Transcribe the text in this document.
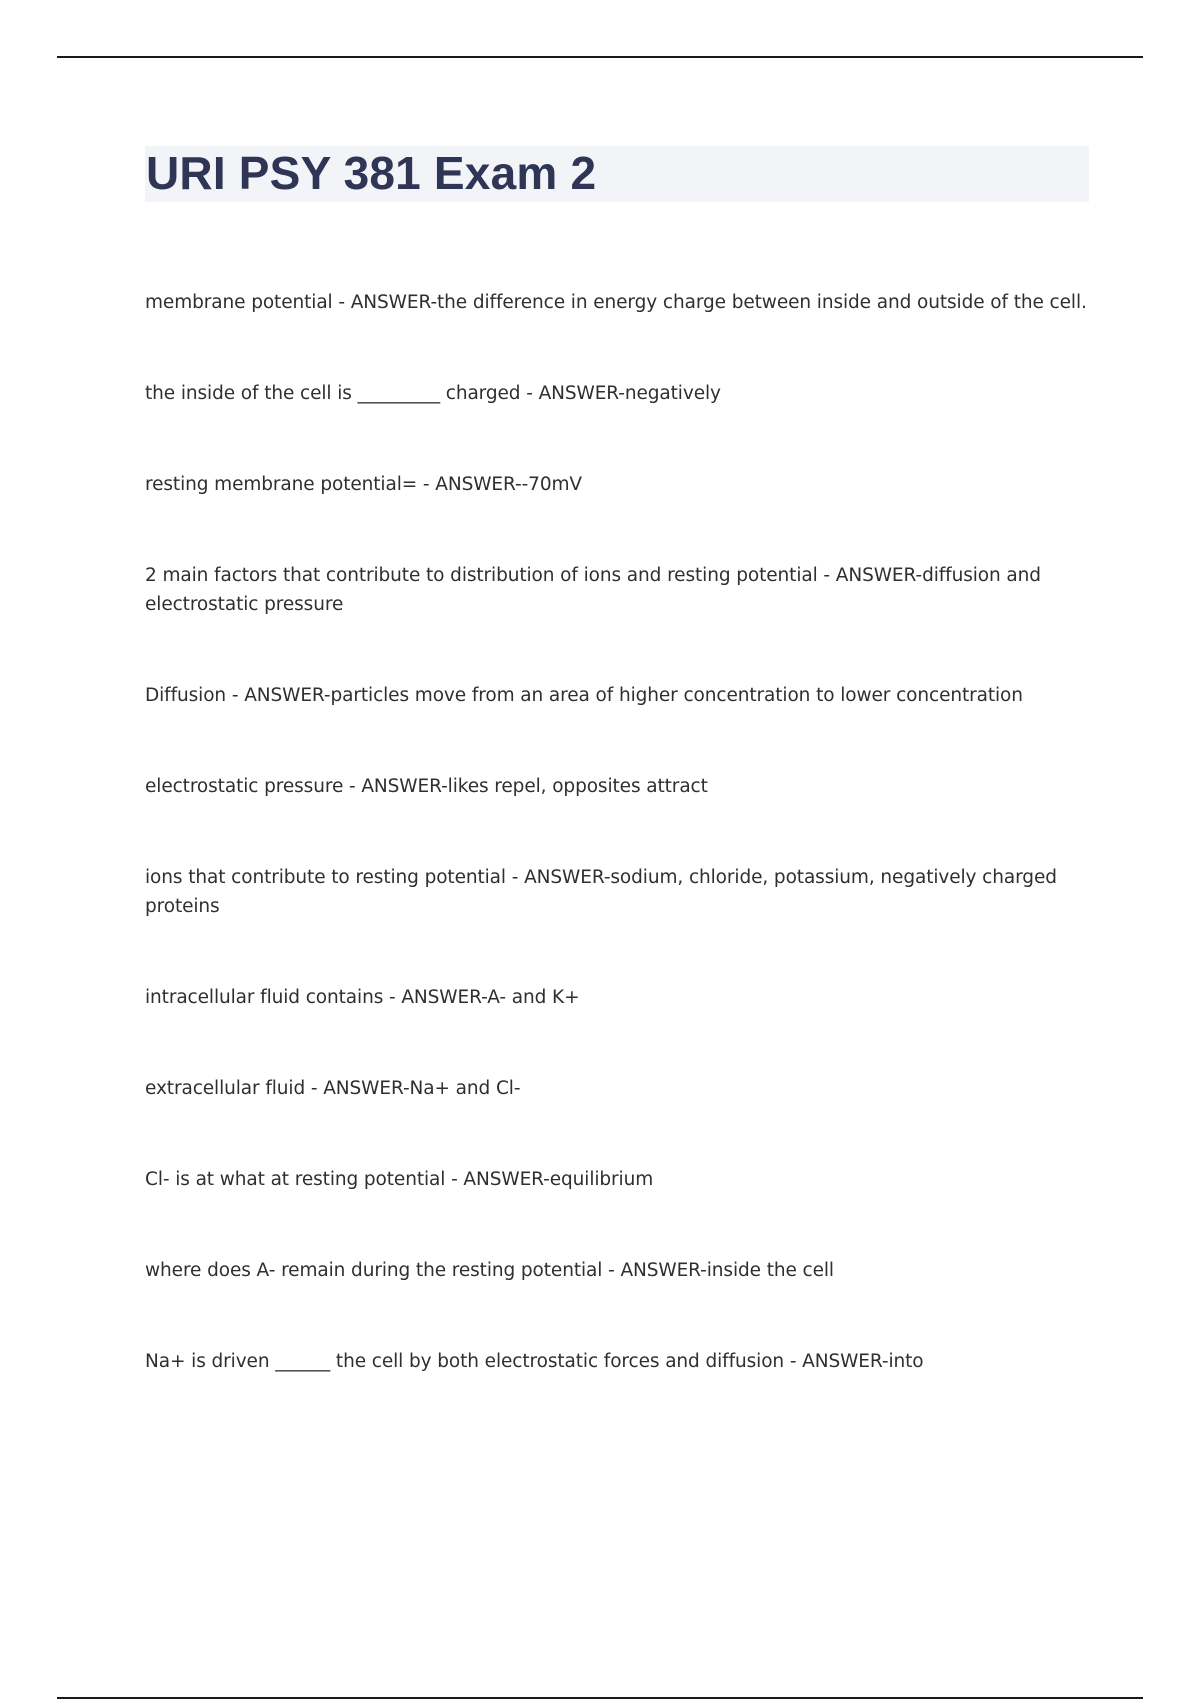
URI PSY 381 Exam 2
membrane potential - ANSWER-the difference in energy charge between inside and outside of the cell.
the inside of the cell is _________ charged - ANSWER-negatively
resting membrane potential= - ANSWER--70mV
2 main factors that contribute to distribution of ions and resting potential - ANSWER-diffusion and electrostatic pressure
Diffusion - ANSWER-particles move from an area of higher concentration to lower concentration
electrostatic pressure - ANSWER-likes repel, opposites attract
ions that contribute to resting potential - ANSWER-sodium, chloride, potassium, negatively charged proteins
intracellular fluid contains - ANSWER-A- and K+
extracellular fluid - ANSWER-Na+ and Cl-
Cl- is at what at resting potential - ANSWER-equilibrium
where does A- remain during the resting potential - ANSWER-inside the cell
Na+ is driven ______ the cell by both electrostatic forces and diffusion - ANSWER-into
